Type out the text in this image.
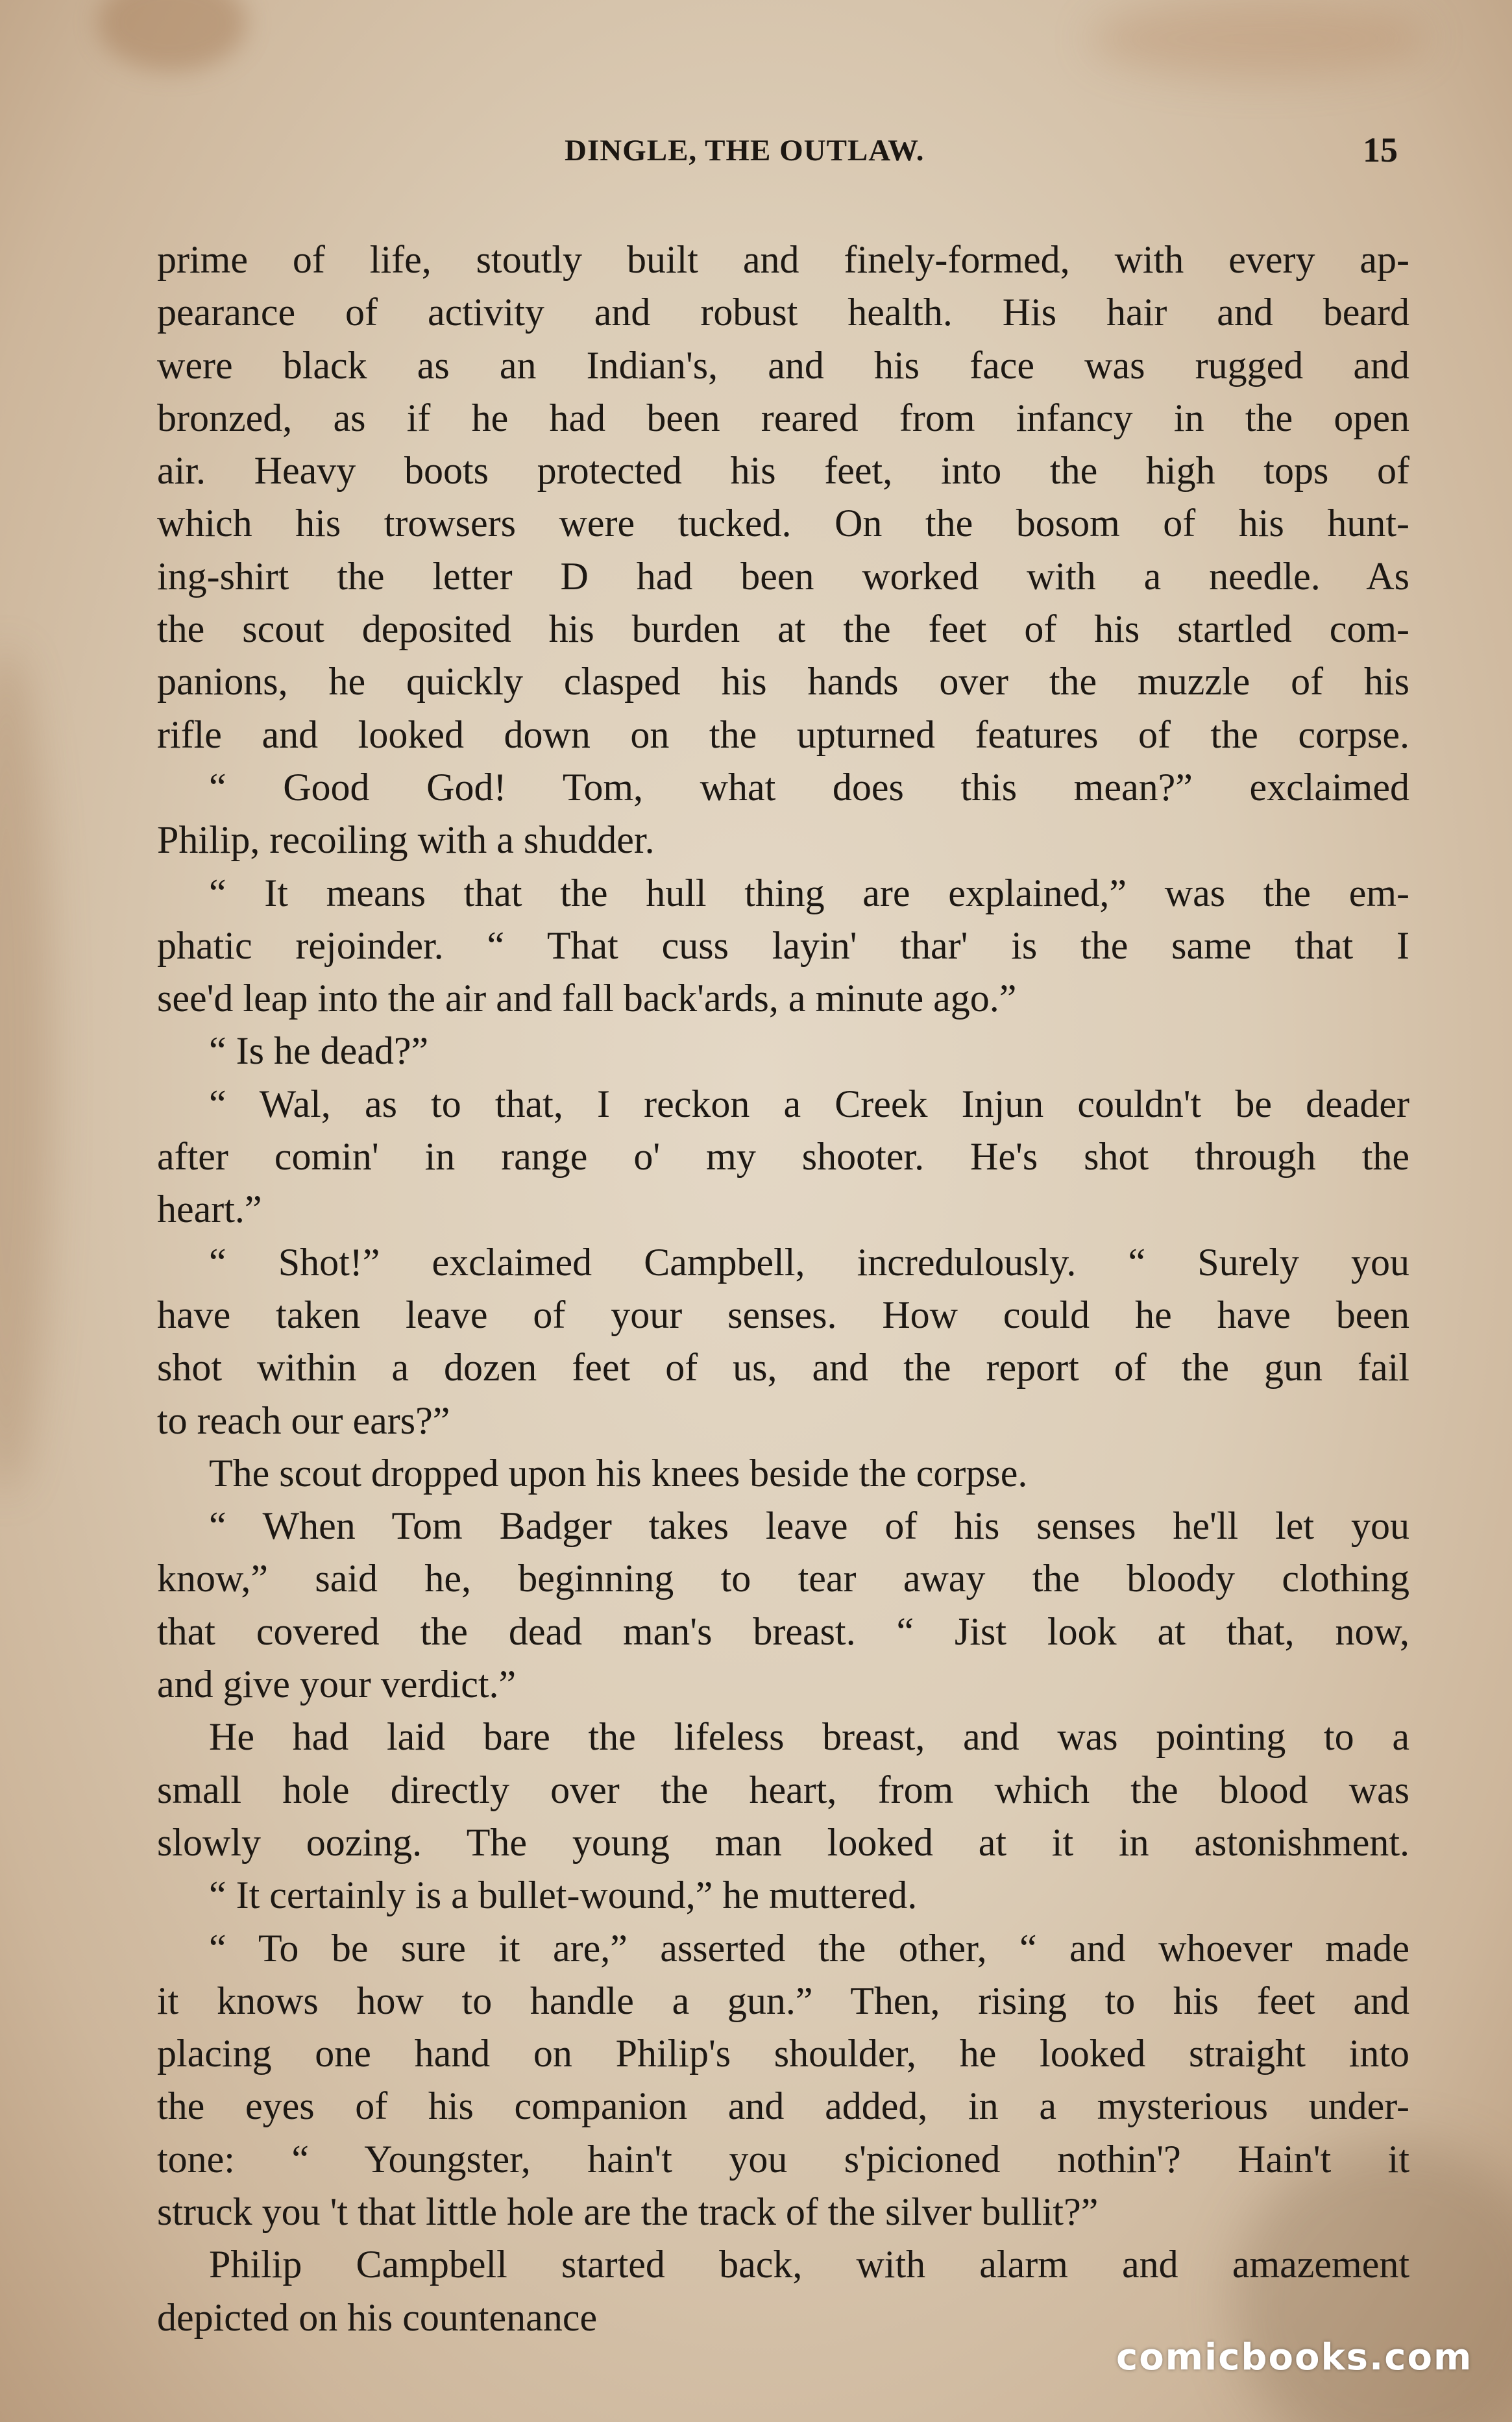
DINGLE, THE OUTLAW.	15
prime of life, stoutly built and finely-formed, with every ap-
pearance of activity and robust health. His hair and beard
were black as an Indian's, and his face was rugged and
bronzed, as if he had been reared from infancy in the open
air. Heavy boots protected his feet, into the high tops of
which his trowsers were tucked. On the bosom of his hunt-
ing-shirt the letter D had been worked with a needle. As
the scout deposited his burden at the feet of his startled com-
panions, he quickly clasped his hands over the muzzle of his
rifle and looked down on the upturned features of the corpse.
“ Good God! Tom, what does this mean?” exclaimed
Philip, recoiling with a shudder.
“ It means that the hull thing are explained,” was the em-
phatic rejoinder. “ That cuss layin' thar' is the same that I
see'd leap into the air and fall back'ards, a minute ago.”
“ Is he dead?”
“ Wal, as to that, I reckon a Creek Injun couldn't be deader
after comin' in range o' my shooter. He's shot through the
heart.”
“ Shot!” exclaimed Campbell, incredulously. “ Surely you
have taken leave of your senses. How could he have been
shot within a dozen feet of us, and the report of the gun fail
to reach our ears?”
The scout dropped upon his knees beside the corpse.
“ When Tom Badger takes leave of his senses he'll let you
know,” said he, beginning to tear away the bloody clothing
that covered the dead man's breast. “ Jist look at that, now,
and give your verdict.”
He had laid bare the lifeless breast, and was pointing to a
small hole directly over the heart, from which the blood was
slowly oozing. The young man looked at it in astonishment.
“ It certainly is a bullet-wound,” he muttered.
“ To be sure it are,” asserted the other, “ and whoever made
it knows how to handle a gun.” Then, rising to his feet and
placing one hand on Philip's shoulder, he looked straight into
the eyes of his companion and added, in a mysterious under-
tone: “ Youngster, hain't you s'picioned nothin'? Hain't it
struck you 't that little hole are the track of the silver bullit?”
Philip Campbell started back, with alarm and amazement
depicted on his countenance
comicbooks.com
